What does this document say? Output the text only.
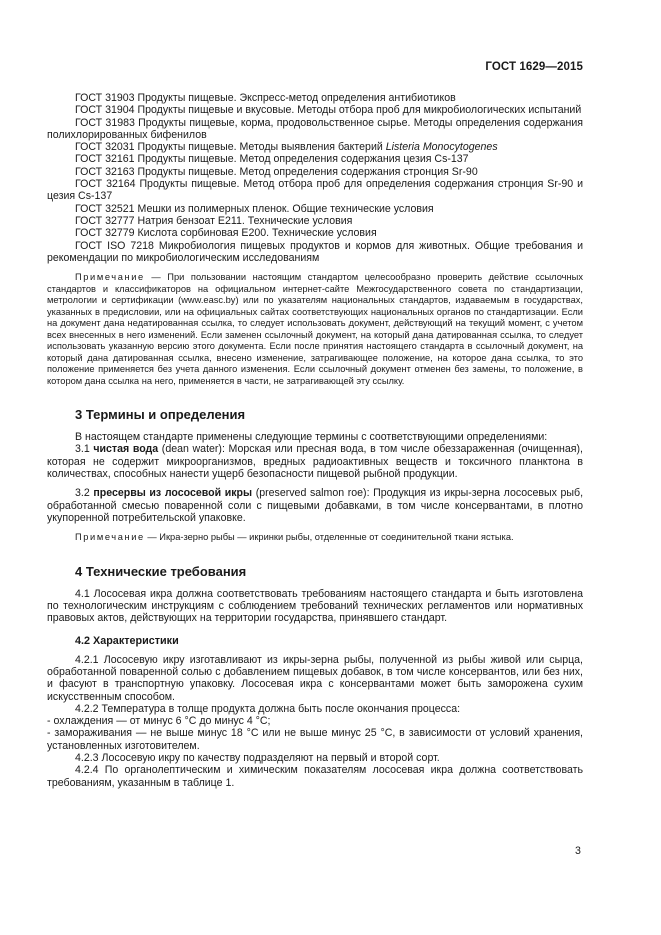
ГОСТ 1629—2015

ГОСТ 31903 Продукты пищевые. Экспресс-метод определения антибиотиков

ГОСТ 31904 Продукты пищевые и вкусовые. Методы отбора проб для микробиологических испытаний

ГОСТ 31983 Продукты пищевые, корма, продовольственное сырье. Методы определения содержания полихлорированных бифенилов

ГОСТ 32031 Продукты пищевые. Методы выявления бактерий Listeria Monocytogenes

ГОСТ 32161 Продукты пищевые. Метод определения содержания цезия Cs-137

ГОСТ 32163 Продукты пищевые. Метод определения содержания стронция Sr-90

ГОСТ 32164 Продукты пищевые. Метод отбора проб для определения содержания стронция Sr-90 и цезия Cs-137

ГОСТ 32521 Мешки из полимерных пленок. Общие технические условия

ГОСТ 32777 Натрия бензоат Е211. Технические условия

ГОСТ 32779 Кислота сорбиновая Е200. Технические условия

ГОСТ ISO 7218 Микробиология пищевых продуктов и кормов для животных. Общие требования и рекомендации по микробиологическим исследованиям

Примечание — При пользовании настоящим стандартом целесообразно проверить действие ссылочных стандартов и классификаторов на официальном интернет-сайте Межгосударственного совета по стандартизации, метрологии и сертификации (www.easc.by) или по указателям национальных стандартов, издаваемым в государствах, указанных в предисловии, или на официальных сайтах соответствующих национальных органов по стандартизации. Если на документ дана недатированная ссылка, то следует использовать документ, действующий на текущий момент, с учетом всех внесенных в него изменений. Если заменен ссылочный документ, на который дана датированная ссылка, то следует использовать указанную версию этого документа. Если после принятия настоящего стандарта в ссылочный документ, на который дана датированная ссылка, внесено изменение, затрагивающее положение, на которое дана ссылка, то это положение применяется без учета данного изменения. Если ссылочный документ отменен без замены, то положение, в котором дана ссылка на него, применяется в части, не затрагивающей эту ссылку.

3 Термины и определения

В настоящем стандарте применены следующие термины с соответствующими определениями:

3.1 чистая вода (dean water): Морская или пресная вода, в том числе обеззараженная (очищенная), которая не содержит микроорганизмов, вредных радиоактивных веществ и токсичного планктона в количествах, способных нанести ущерб безопасности пищевой рыбной продукции.

3.2 пресервы из лососевой икры (preserved salmon roe): Продукция из икры-зерна лососевых рыб, обработанной смесью поваренной соли с пищевыми добавками, в том числе консервантами, в плотно укупоренной потребительской упаковке.

Примечание — Икра-зерно рыбы — икринки рыбы, отделенные от соединительной ткани ястыка.

4 Технические требования

4.1 Лососевая икра должна соответствовать требованиям настоящего стандарта и быть изготовлена по технологическим инструкциям с соблюдением требований технических регламентов или нормативных правовых актов, действующих на территории государства, принявшего стандарт.

4.2 Характеристики

4.2.1 Лососевую икру изготавливают из икры-зерна рыбы, полученной из рыбы живой или сырца, обработанной поваренной солью с добавлением пищевых добавок, в том числе консервантов, или без них, и фасуют в транспортную упаковку. Лососевая икра с консервантами может быть заморожена сухим искусственным способом.

4.2.2 Температура в толще продукта должна быть после окончания процесса:

- охлаждения — от минус 6 °С до минус 4 °С;

- замораживания — не выше минус 18 °С или не выше минус 25 °С, в зависимости от условий хранения, установленных изготовителем.

4.2.3 Лососевую икру по качеству подразделяют на первый и второй сорт.

4.2.4 По органолептическим и химическим показателям лососевая икра должна соответствовать требованиям, указанным в таблице 1.

3
